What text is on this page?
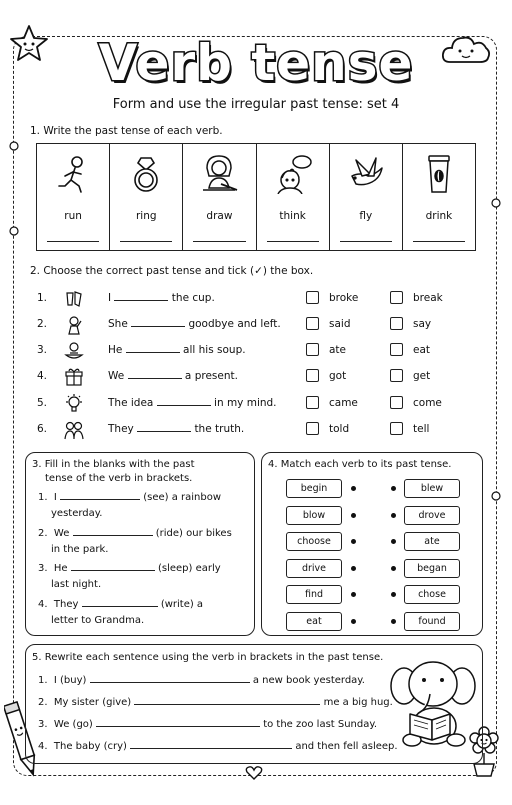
Verb tense
Form and use the irregular past tense: set 4
1. Write the past tense of each verb.
run	ring	draw	think	fly	drink
2. Choose the correct past tense and tick (✓) the box.
1.	I	the cup.	broke	break
2.	She	goodbye and left.	said	say
3.	He	all his soup.	ate	eat
4.	We	a present.	got	get
5.	The idea	in my mind.	came	come
6.	They	the truth.	told	tell
3. Fill in the blanks with the past
tense of the verb in brackets.
1. I	(see) a rainbow
yesterday.
2. We	(ride) our bikes
in the park.
3. He	(sleep) early
last night.
4. They	(write) a
letter to Grandma.
4. Match each verb to its past tense.
begin
blow
choose
drive
find
eat
blew
drove
ate
began
chose
found
5. Rewrite each sentence using the verb in brackets in the past tense.
1. I (buy)	a new book yesterday.
2. My sister (give)	me a big hug.
3. We (go)	to the zoo last Sunday.
4. The baby (cry)	and then fell asleep.
